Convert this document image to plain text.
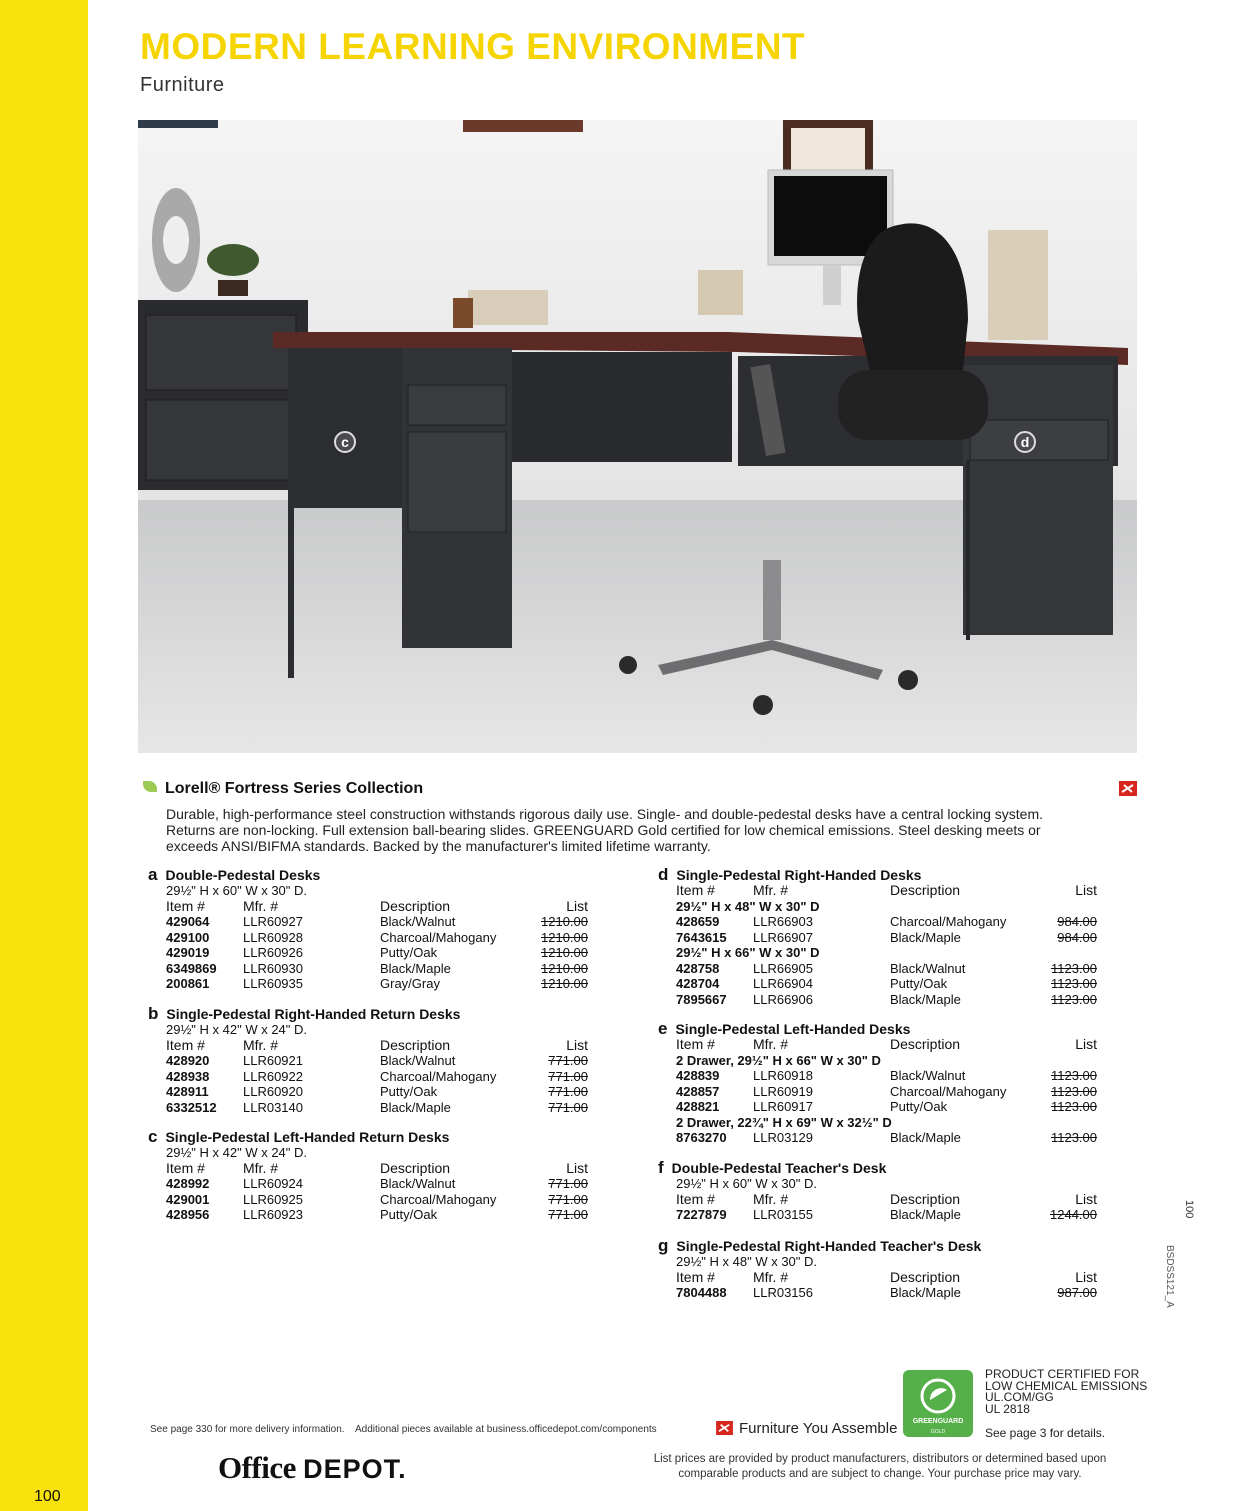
100
MODERN LEARNING ENVIRONMENT
Furniture
c	d
Lorell® Fortress Series Collection
Durable, high-performance steel construction withstands rigorous daily use. Single- and double-pedestal desks have a central locking system. Returns are non-locking. Full extension ball-bearing slides. GREENGUARD Gold certified for low chemical emissions. Steel desking meets or exceeds ANSI/BIFMA standards. Backed by the manufacturer's limited lifetime warranty.
a Double-Pedestal Desks
29½" H x 60" W x 30" D.
Item #	Mfr. #	Description	List
429064	LLR60927	Black/Walnut	1210.00
429100	LLR60928	Charcoal/Mahogany	1210.00
429019	LLR60926	Putty/Oak	1210.00
6349869 LLR60930	Black/Maple	1210.00
200861	LLR60935	Gray/Gray	1210.00
b Single-Pedestal Right-Handed Return Desks
29½" H x 42" W x 24" D.
Item #	Mfr. #	Description	List
428920	LLR60921	Black/Walnut	771.00
428938	LLR60922	Charcoal/Mahogany	771.00
428911	LLR60920	Putty/Oak	771.00
6332512 LLR03140	Black/Maple	771.00
c Single-Pedestal Left-Handed Return Desks
29½" H x 42" W x 24" D.
Item #	Mfr. #	Description	List
428992	LLR60924	Black/Walnut	771.00
429001	LLR60925	Charcoal/Mahogany	771.00
428956	LLR60923	Putty/Oak	771.00
d Single-Pedestal Right-Handed Desks
Item #	Mfr. #	Description	List
29½" H x 48" W x 30" D
428659	LLR66903	Charcoal/Mahogany	984.00
7643615 LLR66907	Black/Maple	984.00
29½" H x 66" W x 30" D
428758	LLR66905	Black/Walnut	1123.00
428704	LLR66904	Putty/Oak	1123.00
7895667 LLR66906	Black/Maple	1123.00
e Single-Pedestal Left-Handed Desks
Item #	Mfr. #	Description	List
2 Drawer, 29½" H x 66" W x 30" D
428839	LLR60918	Black/Walnut	1123.00
428857	LLR60919	Charcoal/Mahogany	1123.00
428821	LLR60917	Putty/Oak	1123.00
2 Drawer, 22¾" H x 69" W x 32½" D
8763270 LLR03129	Black/Maple	1123.00
f Double-Pedestal Teacher's Desk
29½" H x 60" W x 30" D.
Item #	Mfr. #	Description	List
7227879 LLR03155	Black/Maple	1244.00
g Single-Pedestal Right-Handed Teacher's Desk
29½" H x 48" W x 30" D.
Item #	Mfr. #	Description	List
7804488 LLR03156	Black/Maple	987.00
100
BSDSS121_A
GREENGUARD
GOLD
PRODUCT CERTIFIED FOR
LOW CHEMICAL EMISSIONS
UL.COM/GG
UL 2818
See page 3 for details.
See page 330 for more delivery information. Additional pieces available at business.officedepot.com/components	Furniture You Assemble
Office DEPOT.	List prices are provided by product manufacturers, distributors or determined based upon comparable products and are subject to change. Your purchase price may vary.
